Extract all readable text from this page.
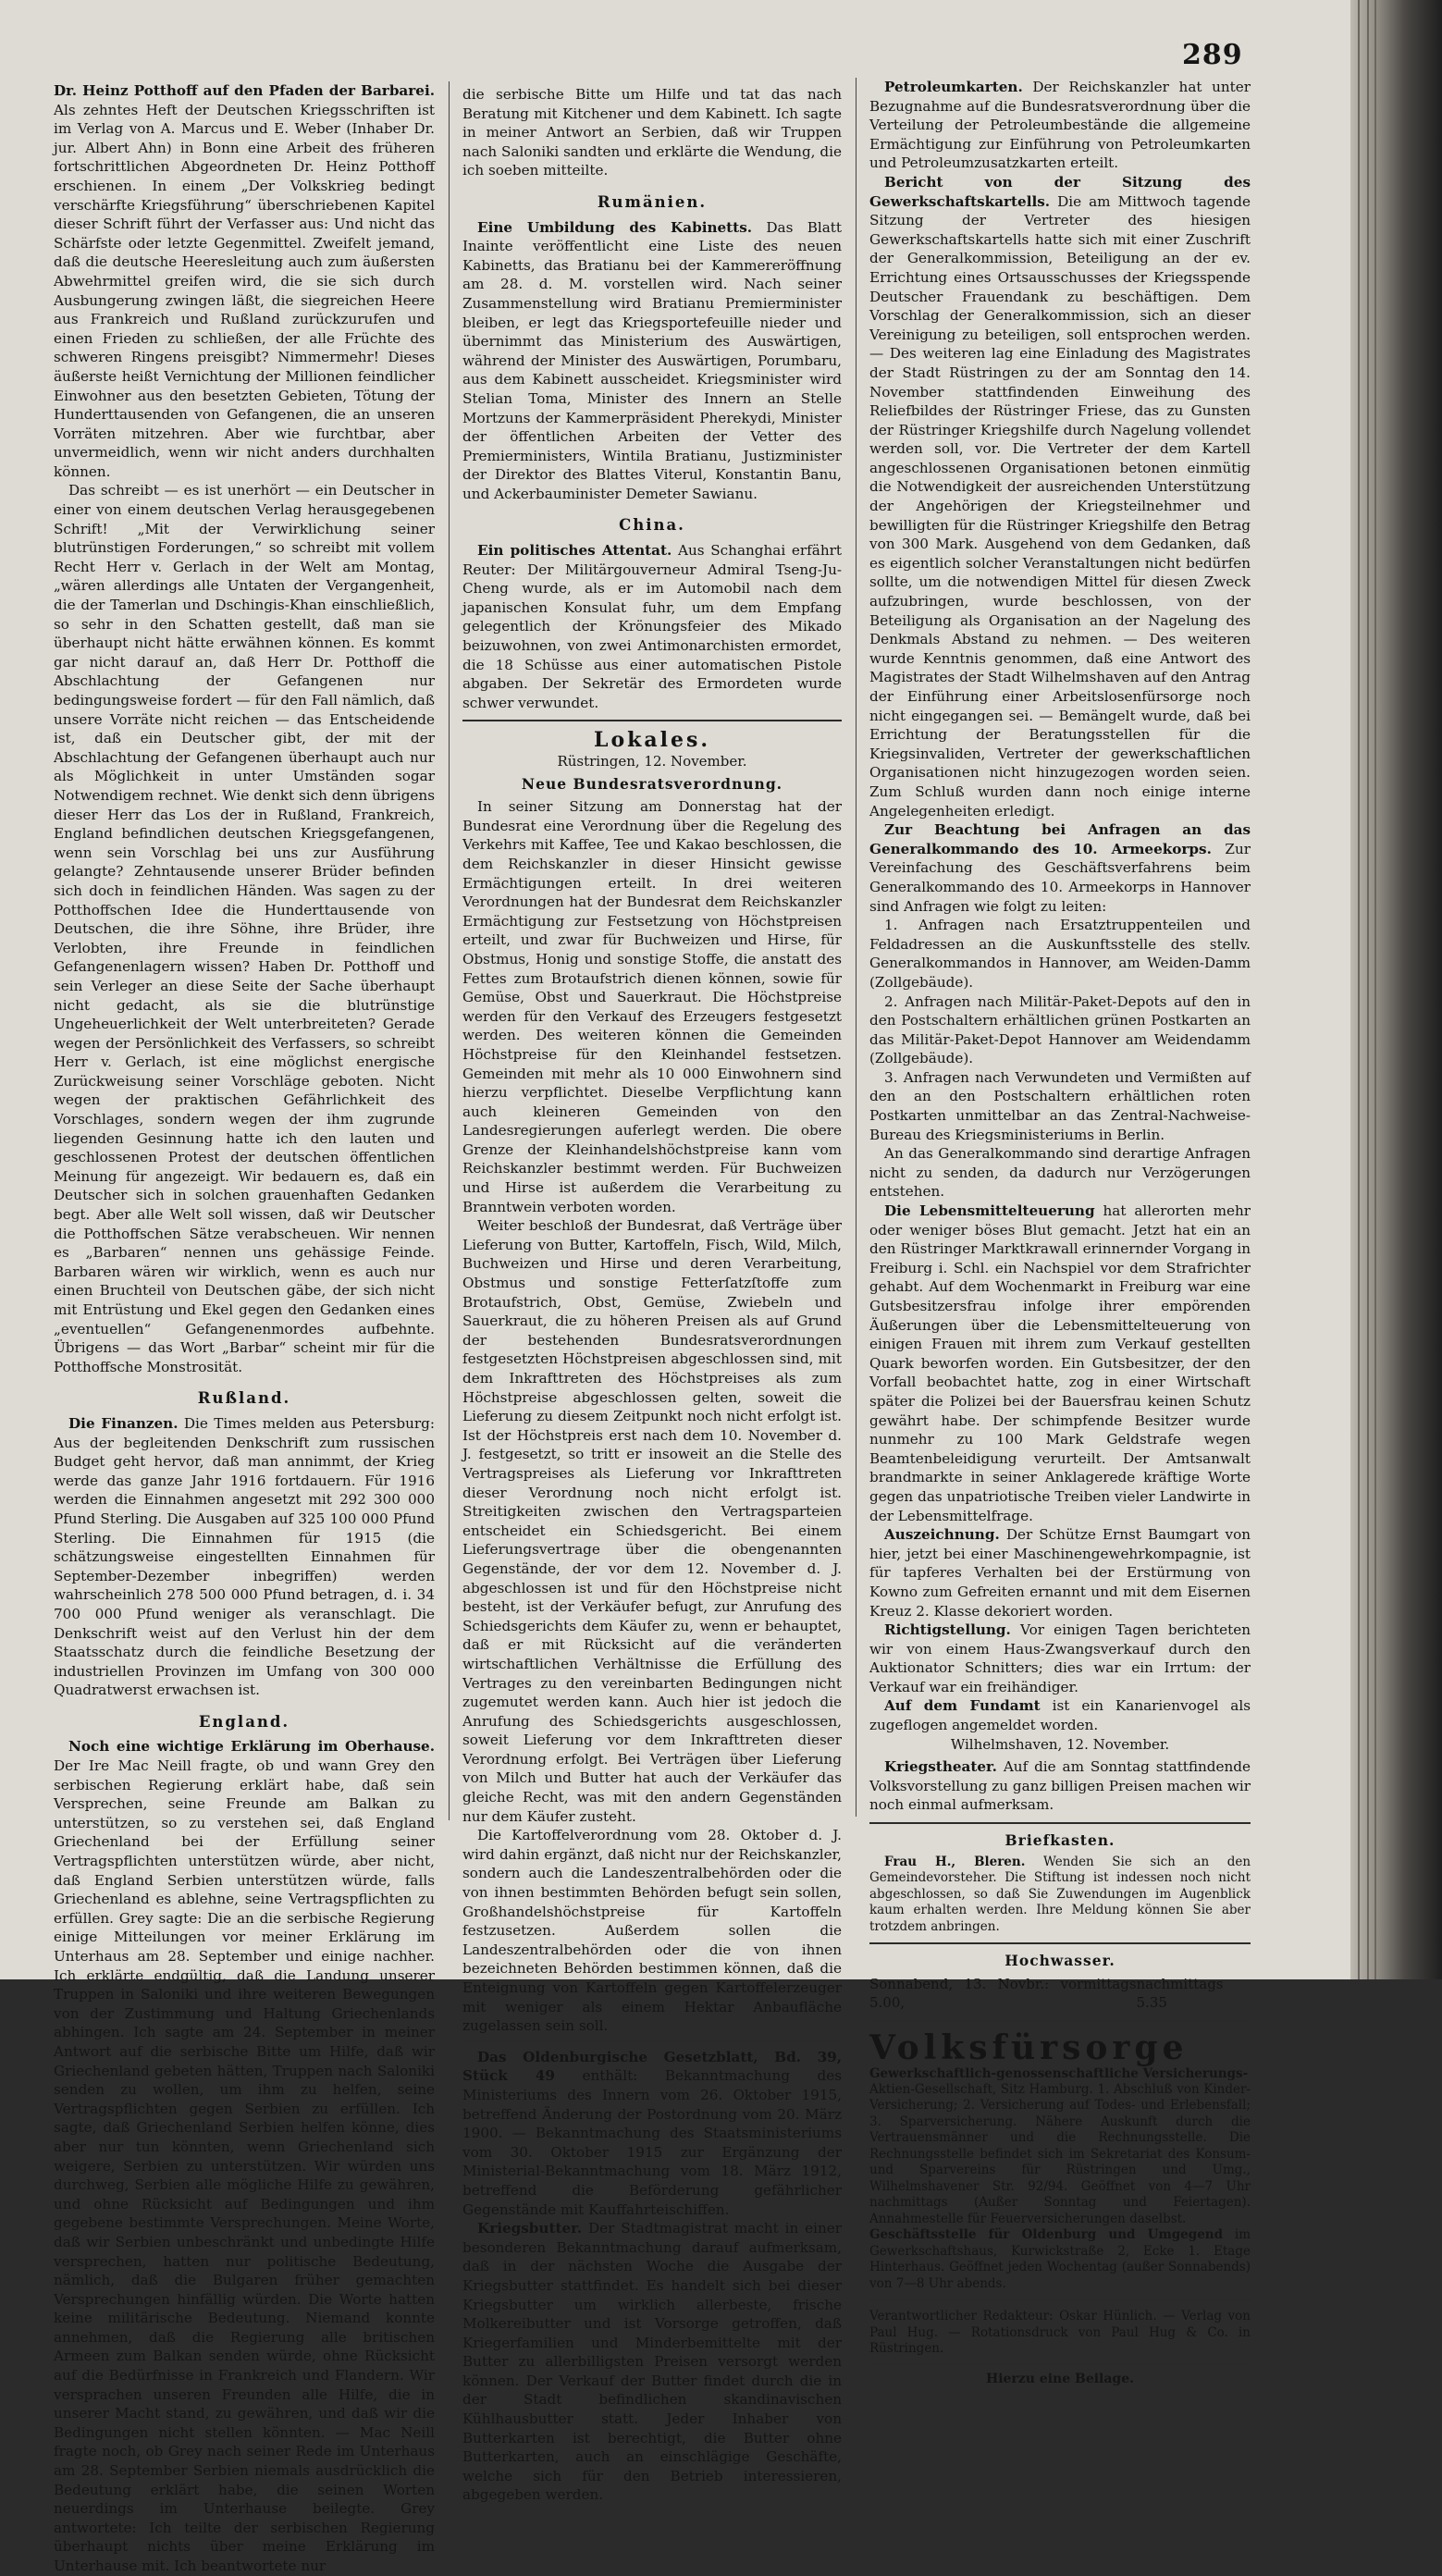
289

Dr. Heinz Potthoff auf den Pfaden der Barbarei. Als zehntes Heft der Deutschen Kriegsschriften ist im Verlag von A. Marcus und E. Weber (Inhaber Dr. jur. Albert Ahn) in Bonn eine Arbeit des früheren fortschrittlichen Abgeordneten Dr. Heinz Potthoff erschienen. In einem „Der Volkskrieg bedingt verschärfte Kriegsführung“ überschriebenen Kapitel dieser Schrift führt der Verfasser aus: Und nicht das Schärfste oder letzte Gegenmittel. Zweifelt jemand, daß die deutsche Heeresleitung auch zum äußersten Abwehrmittel greifen wird, die sie sich durch Ausbungerung zwingen läßt, die siegreichen Heere aus Frankreich und Rußland zurückzurufen und einen Frieden zu schließen, der alle Früchte des schweren Ringens preisgibt? Nimmermehr! Dieses äußerste heißt Vernichtung der Millionen feindlicher Einwohner aus den besetzten Gebieten, Tötung der Hunderttausenden von Gefangenen, die an unseren Vorräten mitzehren. Aber wie furchtbar, aber unvermeidlich, wenn wir nicht anders durchhalten können.

Das schreibt — es ist unerhört — ein Deutscher in einer von einem deutschen Verlag herausgegebenen Schrift! „Mit der Verwirklichung seiner blutrünstigen Forderungen,“ so schreibt mit vollem Recht Herr v. Gerlach in der Welt am Montag, „wären allerdings alle Untaten der Vergangenheit, die der Tamerlan und Dschingis-Khan einschließlich, so sehr in den Schatten gestellt, daß man sie überhaupt nicht hätte erwähnen können. Es kommt gar nicht darauf an, daß Herr Dr. Potthoff die Abschlachtung der Gefangenen nur bedingungsweise fordert — für den Fall nämlich, daß unsere Vorräte nicht reichen — das Entscheidende ist, daß ein Deutscher gibt, der mit der Abschlachtung der Gefangenen überhaupt auch nur als Möglichkeit in unter Umständen sogar Notwendigem rechnet. Wie denkt sich denn übrigens dieser Herr das Los der in Rußland, Frankreich, England befindlichen deutschen Kriegsgefangenen, wenn sein Vorschlag bei uns zur Ausführung gelangte? Zehntausende unserer Brüder befinden sich doch in feindlichen Händen. Was sagen zu der Potthoffschen Idee die Hunderttausende von Deutschen, die ihre Söhne, ihre Brüder, ihre Verlobten, ihre Freunde in feindlichen Gefangenenlagern wissen? Haben Dr. Potthoff und sein Verleger an diese Seite der Sache überhaupt nicht gedacht, als sie die blutrünstige Ungeheuerlichkeit der Welt unterbreiteten? Gerade wegen der Persönlichkeit des Verfassers, so schreibt Herr v. Gerlach, ist eine möglichst energische Zurückweisung seiner Vorschläge geboten. Nicht wegen der praktischen Gefährlichkeit des Vorschlages, sondern wegen der ihm zugrunde liegenden Gesinnung hatte ich den lauten und geschlossenen Protest der deutschen öffentlichen Meinung für angezeigt. Wir bedauern es, daß ein Deutscher sich in solchen grauenhaften Gedanken begt. Aber alle Welt soll wissen, daß wir Deutscher die Potthoffschen Sätze verabscheuen. Wir nennen es „Barbaren“ nennen uns gehässige Feinde. Barbaren wären wir wirklich, wenn es auch nur einen Bruchteil von Deutschen gäbe, der sich nicht mit Entrüstung und Ekel gegen den Gedanken eines „eventuellen“ Gefangenenmordes aufbehnte. Übrigens — das Wort „Barbar“ scheint mir für die Potthoffsche Monstrosität.

Rußland.

Die Finanzen. Die Times melden aus Petersburg: Aus der begleitenden Denkschrift zum russischen Budget geht hervor, daß man annimmt, der Krieg werde das ganze Jahr 1916 fortdauern. Für 1916 werden die Einnahmen angesetzt mit 292 300 000 Pfund Sterling. Die Ausgaben auf 325 100 000 Pfund Sterling. Die Einnahmen für 1915 (die schätzungsweise eingestellten Einnahmen für September-Dezember inbegriffen) werden wahrscheinlich 278 500 000 Pfund betragen, d. i. 34 700 000 Pfund weniger als veranschlagt. Die Denkschrift weist auf den Verlust hin der dem Staatsschatz durch die feindliche Besetzung der industriellen Provinzen im Umfang von 300 000 Quadratwerst erwachsen ist.

England.

Noch eine wichtige Erklärung im Oberhause. Der Ire Mac Neill fragte, ob und wann Grey den serbischen Regierung erklärt habe, daß sein Versprechen, seine Freunde am Balkan zu unterstützen, so zu verstehen sei, daß England Griechenland bei der Erfüllung seiner Vertragspflichten unterstützen würde, aber nicht, daß England Serbien unterstützen würde, falls Griechenland es ablehne, seine Vertragspflichten zu erfüllen. Grey sagte: Die an die serbische Regierung einige Mitteilungen vor meiner Erklärung im Unterhaus am 28. September und einige nachher. Ich erklärte endgültig, daß die Landung unserer Truppen in Saloniki und ihre weiteren Bewegungen von der Zustimmung und Haltung Griechenlands abhingen. Ich sagte am 24. September in meiner Antwort auf die serbische Bitte um Hilfe, daß wir Griechenland gebeten hätten, Truppen nach Saloniki senden zu wollen, um ihm zu helfen, seine Vertragspflichten gegen Serbien zu erfüllen. Ich sagte, daß Griechenland Serbien helfen könne, dies aber nur tun könnten, wenn Griechenland sich weigere, Serbien zu unterstützen. Wir würden uns durchweg, Serbien alle mögliche Hilfe zu gewähren, und ohne Rücksicht auf Bedingungen und ihm gegebene bestimmte Versprechungen. Meine Worte, daß wir Serbien unbeschränkt und unbedingte Hilfe versprechen, hatten nur politische Bedeutung, nämlich, daß die Bulgaren früher gemachten Versprechungen hinfällig würden. Die Worte hatten keine militärische Bedeutung. Niemand konnte annehmen, daß die Regierung alle britischen Armeen zum Balkan senden würde, ohne Rücksicht auf die Bedürfnisse in Frankreich und Flandern. Wir versprachen unseren Freunden alle Hilfe, die in unserer Macht stand, zu gewähren, und daß wir die Bedingungen nicht stellen könnten. — Mac Neill fragte noch, ob Grey nach seiner Rede im Unterhaus am 28. September Serbien niemals ausdrücklich die Bedeutung erklärt habe, die seinen Worten neuerdings im Unterhause beilegte. Grey antwortete: Ich teilte der serbischen Regierung überhaupt nichts über meine Erklärung im Unterhause mit. Ich beantwortete nur

die serbische Bitte um Hilfe und tat das nach Beratung mit Kitchener und dem Kabinett. Ich sagte in meiner Antwort an Serbien, daß wir Truppen nach Saloniki sandten und erklärte die Wendung, die ich soeben mitteilte.

Rumänien.

Eine Umbildung des Kabinetts. Das Blatt Inainte veröffentlicht eine Liste des neuen Kabinetts, das Bratianu bei der Kammereröffnung am 28. d. M. vorstellen wird. Nach seiner Zusammenstellung wird Bratianu Premierminister bleiben, er legt das Kriegsportefeuille nieder und übernimmt das Ministerium des Auswärtigen, während der Minister des Auswärtigen, Porumbaru, aus dem Kabinett ausscheidet. Kriegsminister wird Stelian Toma, Minister des Innern an Stelle Mortzuns der Kammerpräsident Pherekydi, Minister der öffentlichen Arbeiten der Vetter des Premierministers, Wintila Bratianu, Justizminister der Direktor des Blattes Viterul, Konstantin Banu, und Ackerbauminister Demeter Sawianu.

China.

Ein politisches Attentat. Aus Schanghai erfährt Reuter: Der Militärgouverneur Admiral Tseng-Ju-Cheng wurde, als er im Automobil nach dem japanischen Konsulat fuhr, um dem Empfang gelegentlich der Krönungsfeier des Mikado beizuwohnen, von zwei Antimonarchisten ermordet, die 18 Schüsse aus einer automatischen Pistole abgaben. Der Sekretär des Ermordeten wurde schwer verwundet.

Lokales.
Rüstringen, 12. November.
Neue Bundesratsverordnung.

In seiner Sitzung am Donnerstag hat der Bundesrat eine Verordnung über die Regelung des Verkehrs mit Kaffee, Tee und Kakao beschlossen, die dem Reichskanzler in dieser Hinsicht gewisse Ermächtigungen erteilt. In drei weiteren Verordnungen hat der Bundesrat dem Reichskanzler Ermächtigung zur Festsetzung von Höchstpreisen erteilt, und zwar für Buchweizen und Hirse, für Obstmus, Honig und sonstige Stoffe, die anstatt des Fettes zum Brotaufstrich dienen können, sowie für Gemüse, Obst und Sauerkraut. Die Höchstpreise werden für den Verkauf des Erzeugers festgesetzt werden. Des weiteren können die Gemeinden Höchstpreise für den Kleinhandel festsetzen. Gemeinden mit mehr als 10 000 Einwohnern sind hierzu verpflichtet. Dieselbe Verpflichtung kann auch kleineren Gemeinden von den Landesregierungen auferlegt werden. Die obere Grenze der Kleinhandelshöchstpreise kann vom Reichskanzler bestimmt werden. Für Buchweizen und Hirse ist außerdem die Verarbeitung zu Branntwein verboten worden.

Weiter beschloß der Bundesrat, daß Verträge über Lieferung von Butter, Kartoffeln, Fisch, Wild, Milch, Buchweizen und Hirse und deren Verarbeitung, Obstmus und sonstige Fetterſatzſtoffe zum Brotaufstrich, Obst, Gemüse, Zwiebeln und Sauerkraut, die zu höheren Preisen als auf Grund der bestehenden Bundesratsverordnungen festgesetzten Höchstpreisen abgeschlossen sind, mit dem Inkrafttreten des Höchstpreises als zum Höchstpreise abgeschlossen gelten, soweit die Lieferung zu diesem Zeitpunkt noch nicht erfolgt ist. Ist der Höchstpreis erst nach dem 10. November d. J. festgesetzt, so tritt er insoweit an die Stelle des Vertragspreises als Lieferung vor Inkrafttreten dieser Verordnung noch nicht erfolgt ist. Streitigkeiten zwischen den Vertragsparteien entscheidet ein Schiedsgericht. Bei einem Lieferungsvertrage über die obengenannten Gegenstände, der vor dem 12. November d. J. abgeschlossen ist und für den Höchstpreise nicht besteht, ist der Verkäufer befugt, zur Anrufung des Schiedsgerichts dem Käufer zu, wenn er behauptet, daß er mit Rücksicht auf die veränderten wirtschaftlichen Verhältnisse die Erfüllung des Vertrages zu den vereinbarten Bedingungen nicht zugemutet werden kann. Auch hier ist jedoch die Anrufung des Schiedsgerichts ausgeschlossen, soweit Lieferung vor dem Inkrafttreten dieser Verordnung erfolgt. Bei Verträgen über Lieferung von Milch und Butter hat auch der Verkäufer das gleiche Recht, was mit den andern Gegenständen nur dem Käufer zusteht.

Die Kartoffelverordnung vom 28. Oktober d. J. wird dahin ergänzt, daß nicht nur der Reichskanzler, sondern auch die Landeszentralbehörden oder die von ihnen bestimmten Behörden befugt sein sollen, Großhandelshöchstpreise für Kartoffeln festzusetzen. Außerdem sollen die Landeszentralbehörden oder die von ihnen bezeichneten Behörden bestimmen können, daß die Enteignung von Kartoffeln gegen Kartoffelerzeuger mit weniger als einem Hektar Anbaufläche zugelassen sein soll.

Das Oldenburgische Gesetzblatt, Bd. 39, Stück 49 enthält: Bekanntmachung des Ministeriums des Innern vom 26. Oktober 1915, betreffend Änderung der Postordnung vom 20. März 1900. — Bekanntmachung des Staatsministeriums vom 30. Oktober 1915 zur Ergänzung der Ministerial-Bekanntmachung vom 18. März 1912, betreffend die Beförderung gefährlicher Gegenstände mit Kauffahrteischiffen.

Kriegsbutter. Der Stadtmagistrat macht in einer besonderen Bekanntmachung darauf aufmerksam, daß in der nächsten Woche die Ausgabe der Kriegsbutter stattfindet. Es handelt sich bei dieser Kriegsbutter um wirklich allerbeste, frische Molkereibutter und ist Vorsorge getroffen, daß Kriegerfamilien und Minderbemittelte mit der Butter zu allerbilligsten Preisen versorgt werden können. Der Verkauf der Butter findet durch die in der Stadt befindlichen skandinavischen Kühlhausbutter statt. Jeder Inhaber von Butterkarten ist berechtigt, die Butter ohne Butterkarten, auch an einschlägige Geschäfte, welche sich für den Betrieb interessieren, abgegeben werden.

Petroleumkarten. Der Reichskanzler hat unter Bezugnahme auf die Bundesratsverordnung über die Verteilung der Petroleumbestände die allgemeine Ermächtigung zur Einführung von Petroleumkarten und Petroleumzusatzkarten erteilt.

Bericht von der Sitzung des Gewerkschaftskartells. Die am Mittwoch tagende Sitzung der Vertreter des hiesigen Gewerkschaftskartells hatte sich mit einer Zuschrift der Generalkommission, Beteiligung an der ev. Errichtung eines Ortsausschusses der Kriegsspende Deutscher Frauendank zu beschäftigen. Dem Vorschlag der Generalkommission, sich an dieser Vereinigung zu beteiligen, soll entsprochen werden. — Des weiteren lag eine Einladung des Magistrates der Stadt Rüstringen zu der am Sonntag den 14. November stattfindenden Einweihung des Reliefbildes der Rüstringer Friese, das zu Gunsten der Rüstringer Kriegshilfe durch Nagelung vollendet werden soll, vor. Die Vertreter der dem Kartell angeschlossenen Organisationen betonen einmütig die Notwendigkeit der ausreichenden Unterstützung der Angehörigen der Kriegsteilnehmer und bewilligten für die Rüstringer Kriegshilfe den Betrag von 300 Mark. Ausgehend von dem Gedanken, daß es eigentlich solcher Veranstaltungen nicht bedürfen sollte, um die notwendigen Mittel für diesen Zweck aufzubringen, wurde beschlossen, von der Beteiligung als Organisation an der Nagelung des Denkmals Abstand zu nehmen. — Des weiteren wurde Kenntnis genommen, daß eine Antwort des Magistrates der Stadt Wilhelmshaven auf den Antrag der Einführung einer Arbeitslosenfürsorge noch nicht eingegangen sei. — Bemängelt wurde, daß bei Errichtung der Beratungsstellen für die Kriegsinvaliden, Vertreter der gewerkschaftlichen Organisationen nicht hinzugezogen worden seien. Zum Schluß wurden dann noch einige interne Angelegenheiten erledigt.

Zur Beachtung bei Anfragen an das Generalkommando des 10. Armeekorps. Zur Vereinfachung des Geschäftsverfahrens beim Generalkommando des 10. Armeekorps in Hannover sind Anfragen wie folgt zu leiten:

1. Anfragen nach Ersatztruppenteilen und Feldadressen an die Auskunftsstelle des stellv. Generalkommandos in Hannover, am Weiden-Damm (Zollgebäude).

2. Anfragen nach Militär-Paket-Depots auf den in den Postschaltern erhältlichen grünen Postkarten an das Militär-Paket-Depot Hannover am Weidendamm (Zollgebäude).

3. Anfragen nach Verwundeten und Vermißten auf den an den Postschaltern erhältlichen roten Postkarten unmittelbar an das Zentral-Nachweise-Bureau des Kriegsministeriums in Berlin.

An das Generalkommando sind derartige Anfragen nicht zu senden, da dadurch nur Verzögerungen entstehen.

Die Lebensmittelteuerung hat allerorten mehr oder weniger böses Blut gemacht. Jetzt hat ein an den Rüstringer Marktkrawall erinnernder Vorgang in Freiburg i. Schl. ein Nachspiel vor dem Strafrichter gehabt. Auf dem Wochenmarkt in Freiburg war eine Gutsbesitzersfrau infolge ihrer empörenden Äußerungen über die Lebensmittelteuerung von einigen Frauen mit ihrem zum Verkauf gestellten Quark beworfen worden. Ein Gutsbesitzer, der den Vorfall beobachtet hatte, zog in einer Wirtschaft später die Polizei bei der Bauersfrau keinen Schutz gewährt habe. Der schimpfende Besitzer wurde nunmehr zu 100 Mark Geldstrafe wegen Beamtenbeleidigung verurteilt. Der Amtsanwalt brandmarkte in seiner Anklagerede kräftige Worte gegen das unpatriotische Treiben vieler Landwirte in der Lebensmittelfrage.

Auszeichnung. Der Schütze Ernst Baumgart von hier, jetzt bei einer Maschinengewehrkompagnie, ist für tapferes Verhalten bei der Erstürmung von Kowno zum Gefreiten ernannt und mit dem Eisernen Kreuz 2. Klasse dekoriert worden.

Richtigstellung. Vor einigen Tagen berichteten wir von einem Haus-Zwangsverkauf durch den Auktionator Schnitters; dies war ein Irrtum: der Verkauf war ein freihändiger.

Auf dem Fundamt ist ein Kanarienvogel als zugeflogen angemeldet worden.

Wilhelmshaven, 12. November.

Kriegstheater. Auf die am Sonntag stattfindende Volksvorstellung zu ganz billigen Preisen machen wir noch einmal aufmerksam.

Briefkasten.

Frau H., Bleren. Wenden Sie sich an den Gemeindevorsteher. Die Stiftung ist indessen noch nicht abgeschlossen, so daß Sie Zuwendungen im Augenblick kaum erhalten werden. Ihre Meldung können Sie aber trotzdem anbringen.

Hochwasser.
Sonnabend, 13. Novbr.: vormittags 5.00,
nachmittags 5.35
Volksfürsorge
Gewerkschaftlich-genossenschaftliche Versicherungs-
Aktien-Gesellschaft, Sitz Hamburg. 1. Abschluß von Kinder-Versicherung; 2. Versicherung auf Todes- und Erlebensfall; 3. Sparversicherung. Nähere Auskunft durch die Vertrauensmänner und die Rechnungsstelle. Die Rechnungsstelle befindet sich im Sekretariat des Konsum- und Sparvereins für Rüstringen und Umg., Wilhelmshavener Str. 92/94. Geöffnet von 4—7 Uhr nachmittags (Außer Sonntag und Feiertagen). Annahmestelle für Feuerversicherungen daselbst.
Geschäftsstelle für Oldenburg und Umgegend im Gewerkschaftshaus, Kurwickstraße 2, Ecke 1. Etage Hinterhaus. Geöffnet jeden Wochentag (außer Sonnabends) von 7—8 Uhr abends.
Verantwortlicher Redakteur: Oskar Hünlich. — Verlag von Paul Hug. — Rotationsdruck von Paul Hug & Co. in Rüstringen.
Hierzu eine Beilage.
